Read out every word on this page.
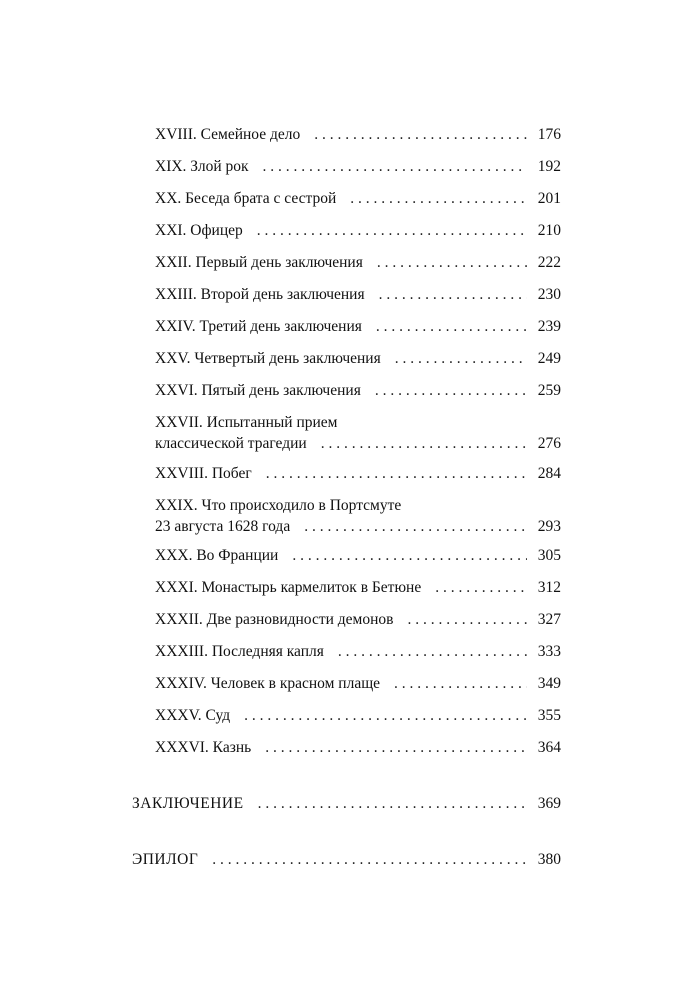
XVIII. Семейное дело . . .	176
XIX. Злой рок . . .	192
XX. Беседа брата с сестрой . . .	201
XXI. Офицер . . .	210
XXII. Первый день заключения . . .	222
XXIII. Второй день заключения . . .	230
XXIV. Третий день заключения . . .	239
XXV. Четвертый день заключения . . .	249
XXVI. Пятый день заключения . . .	259
XXVII. Испытанный прием
классической трагедии . . .	276
XXVIII. Побег . . .	284
XXIX. Что происходило в Портсмуте
23 августа 1628 года . . .	293
XXX. Во Франции . . .	305
XXXI. Монастырь кармелиток в Бетюне . . .	312
XXXII. Две разновидности демонов . . .	327
XXXIII. Последняя капля . . .	333
XXXIV. Человек в красном плаще . . .	349
XXXV. Суд . . .	355
XXXVI. Казнь . . .	364
ЗАКЛЮЧЕНИЕ . . .	369
ЭПИЛОГ . . .	380
